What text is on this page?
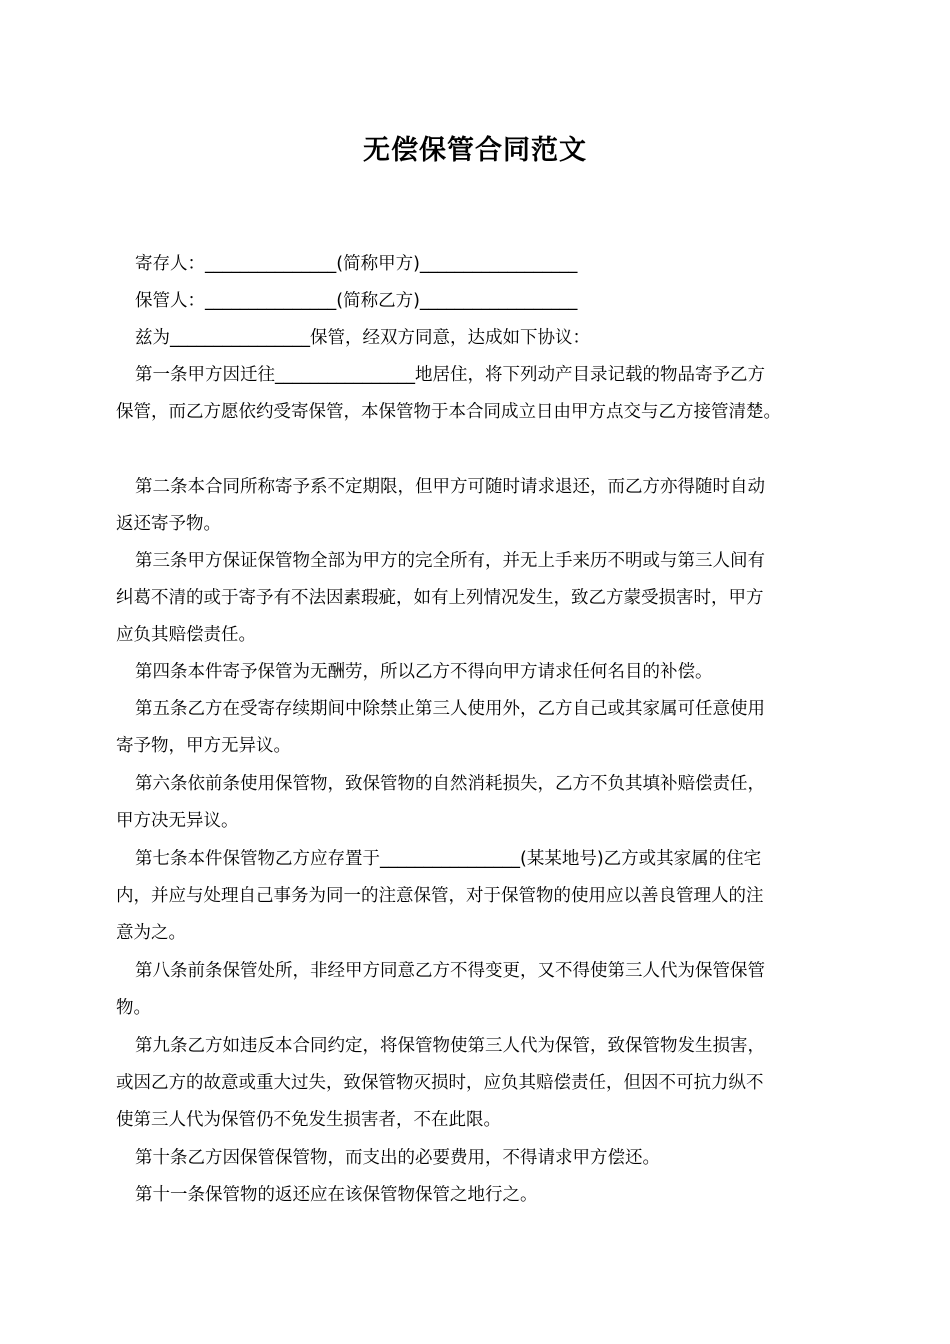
无偿保管合同范文
寄存人：_______________(简称甲方)__________________
保管人：_______________(简称乙方)__________________
兹为________________保管，经双方同意，达成如下协议：
第一条甲方因迁往________________地居住，将下列动产目录记载的物品寄予乙方
保管，而乙方愿依约受寄保管，本保管物于本合同成立日由甲方点交与乙方接管清楚。
第二条本合同所称寄予系不定期限，但甲方可随时请求退还，而乙方亦得随时自动
返还寄予物。
第三条甲方保证保管物全部为甲方的完全所有，并无上手来历不明或与第三人间有
纠葛不清的或于寄予有不法因素瑕疵，如有上列情况发生，致乙方蒙受损害时，甲方
应负其赔偿责任。
第四条本件寄予保管为无酬劳，所以乙方不得向甲方请求任何名目的补偿。
第五条乙方在受寄存续期间中除禁止第三人使用外，乙方自己或其家属可任意使用
寄予物，甲方无异议。
第六条依前条使用保管物，致保管物的自然消耗损失，乙方不负其填补赔偿责任，
甲方决无异议。
第七条本件保管物乙方应存置于________________(某某地号)乙方或其家属的住宅
内，并应与处理自己事务为同一的注意保管，对于保管物的使用应以善良管理人的注
意为之。
第八条前条保管处所，非经甲方同意乙方不得变更，又不得使第三人代为保管保管
物。
第九条乙方如违反本合同约定，将保管物使第三人代为保管，致保管物发生损害，
或因乙方的故意或重大过失，致保管物灭损时，应负其赔偿责任，但因不可抗力纵不
使第三人代为保管仍不免发生损害者，不在此限。
第十条乙方因保管保管物，而支出的必要费用，不得请求甲方偿还。
第十一条保管物的返还应在该保管物保管之地行之。
